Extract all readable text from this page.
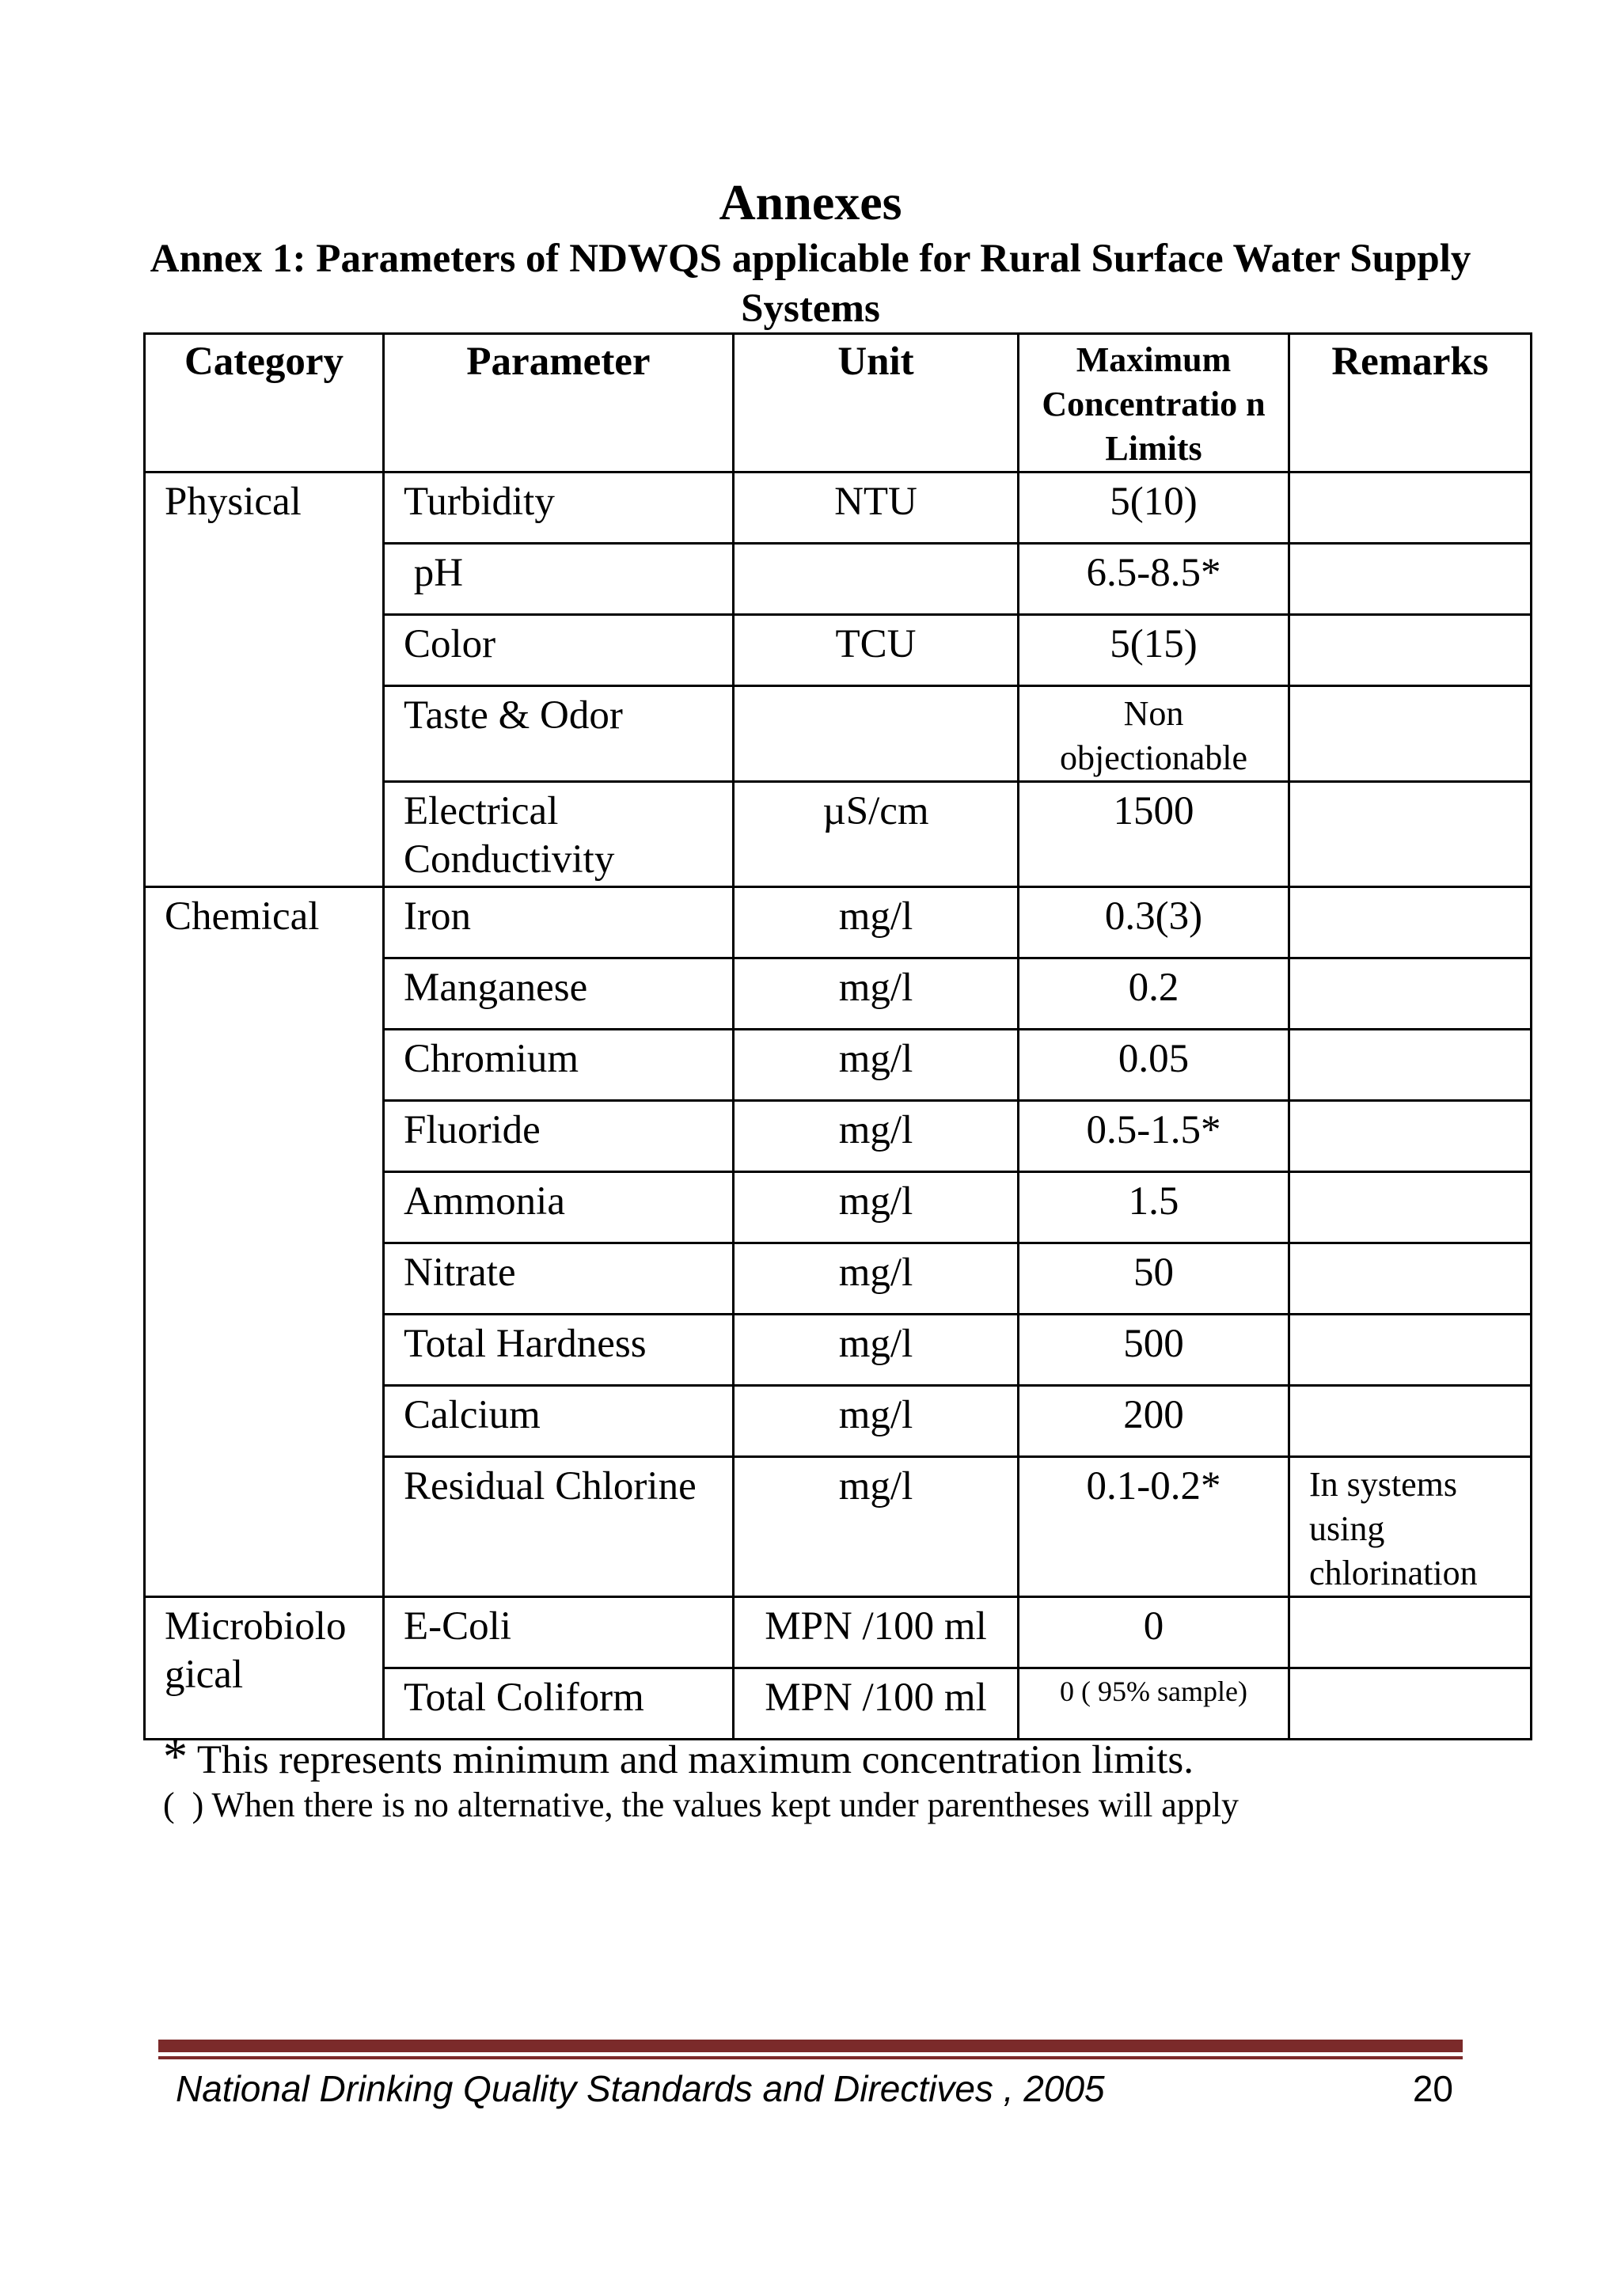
Annexes
Annex 1: Parameters of NDWQS applicable for Rural Surface Water Supply Systems
Category	Parameter	Unit	Maximum Concentratio n Limits	Remarks
Physical	Turbidity	NTU	5(10)	
	pH		6.5-8.5*	
	Color	TCU	5(15)	
	Taste & Odor		Non objectionable	
	Electrical Conductivity	µS/cm	1500	
Chemical	Iron	mg/l	0.3(3)	
	Manganese	mg/l	0.2	
	Chromium	mg/l	0.05	
	Fluoride	mg/l	0.5-1.5*	
	Ammonia	mg/l	1.5	
	Nitrate	mg/l	50	
	Total Hardness	mg/l	500	
	Calcium	mg/l	200	
	Residual Chlorine	mg/l	0.1-0.2*	In systems using chlorination
Microbiolo gical	E-Coli	MPN /100 ml	0	
	Total Coliform	MPN /100 ml	0 ( 95% sample)	
* This represents minimum and maximum concentration limits.
(  ) When there is no alternative, the values kept under parentheses will apply
National Drinking Quality Standards and Directives , 2005	20
